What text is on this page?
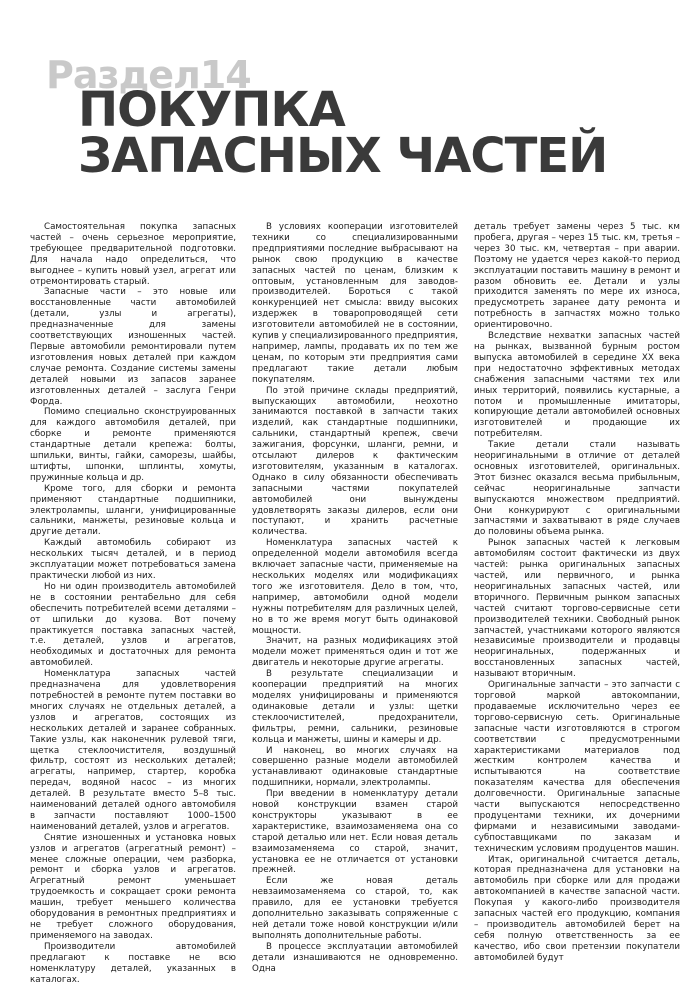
Раздел14
ПОКУПКА
ЗАПАСНЫХ ЧАСТЕЙ

Самостоятельная покупка запасных частей – очень серьезное мероприятие, требующее предварительной подготовки. Для начала надо определиться, что выгоднее – купить новый узел, агрегат или отремонтировать старый.

Запасные части – это новые или восстановленные части автомобилей (детали, узлы и агрегаты), предназначенные для замены соответствующих изношенных частей. Первые автомобили ремонтировали путем изготовления новых деталей при каждом случае ремонта. Создание системы замены деталей новыми из запасов заранее изготовленных деталей – заслуга Генри Форда.

Помимо специально сконструированных для каждого автомобиля деталей, при сборке и ремонте применяются стандартные детали крепежа: болты, шпильки, винты, гайки, саморезы, шайбы, штифты, шпонки, шплинты, хомуты, пружинные кольца и др.

Кроме того, для сборки и ремонта применяют стандартные подшипники, электролампы, шланги, унифицированные сальники, манжеты, резиновые кольца и другие детали.

Каждый автомобиль собирают из нескольких тысяч деталей, и в период эксплуатации может потребоваться замена практически любой из них.

Но ни один производитель автомобилей не в состоянии рентабельно для себя обеспечить потребителей всеми деталями – от шпильки до кузова. Вот почему практикуется поставка запасных частей, т.е. деталей, узлов и агрегатов, необходимых и достаточных для ремонта автомобилей.

Номенклатура запасных частей предназначена для удовлетворения потребностей в ремонте путем поставки во многих случаях не отдельных деталей, а узлов и агрегатов, состоящих из нескольких деталей и заранее собранных. Такие узлы, как наконечник рулевой тяги, щетка стеклоочистителя, воздушный фильтр, состоят из нескольких деталей; агрегаты, например, стартер, коробка передач, водяной насос – из многих деталей. В результате вместо 5–8 тыс. наименований деталей одного автомобиля в запчасти поставляют 1000–1500 наименований деталей, узлов и агрегатов.

Снятие изношенных и установка новых узлов и агрегатов (агрегатный ремонт) – менее сложные операции, чем разборка, ремонт и сборка узлов и агрегатов. Агрегатный ремонт уменьшает трудоемкость и сокращает сроки ремонта машин, требует меньшего количества оборудования в ремонтных предприятиях и не требует сложного оборудования, применяемого на заводах.

Производители автомобилей предлагают к поставке не всю номенклатуру деталей, указанных в каталогах.

В условиях кооперации изготовителей техники со специализированными предприятиями последние выбрасывают на рынок свою продукцию в качестве запасных частей по ценам, близким к оптовым, установленным для заводов-производителей. Бороться с такой конкуренцией нет смысла: ввиду высоких издержек в товаропроводящей сети изготовители автомобилей не в состоянии, купив у специализированного предприятия, например, лампы, продавать их по тем же ценам, по которым эти предприятия сами предлагают такие детали любым покупателям.

По этой причине склады предприятий, выпускающих автомобили, неохотно занимаются поставкой в запчасти таких изделий, как стандартные подшипники, сальники, стандартный крепеж, свечи зажигания, форсунки, шланги, ремни, и отсылают дилеров к фактическим изготовителям, указанным в каталогах. Однако в силу обязанности обеспечивать запасными частями покупателей автомобилей они вынуждены удовлетворять заказы дилеров, если они поступают, и хранить расчетные количества.

Номенклатура запасных частей к определенной модели автомобиля всегда включает запасные части, применяемые на нескольких моделях или модификациях того же изготовителя. Дело в том, что, например, автомобили одной модели нужны потребителям для различных целей, но в то же время могут быть одинаковой мощности.

Значит, на разных модификациях этой модели может применяться один и тот же двигатель и некоторые другие агрегаты.

В результате специализации и кооперации предприятий на многих моделях унифицированы и применяются одинаковые детали и узлы: щетки стеклоочистителей, предохранители, фильтры, ремни, сальники, резиновые кольца и манжеты, шины и камеры и др.

И наконец, во многих случаях на совершенно разные модели автомобилей устанавливают одинаковые стандартные подшипники, нормали, электролампы.

При введении в номенклатуру детали новой конструкции взамен старой конструкторы указывают в ее характеристике, взаимозаменяема она со старой деталью или нет. Если новая деталь взаимозаменяема со старой, значит, установка ее не отличается от установки прежней.

Если же новая деталь невзаимозаменяема со старой, то, как правило, для ее установки требуется дополнительно заказывать сопряженные с ней детали тоже новой конструкции и/или выполнять дополнительные работы.

В процессе эксплуатации автомобилей детали изнашиваются не одновременно. Одна

деталь требует замены через 5 тыс. км пробега, другая – через 15 тыс. км, третья – через 30 тыс. км, четвертая – при аварии. Поэтому не удается через какой-то период эксплуатации поставить машину в ремонт и разом обновить ее. Детали и узлы приходится заменять по мере их износа, предусмотреть заранее дату ремонта и потребность в запчастях можно только ориентировочно.

Вследствие нехватки запасных частей на рынках, вызванной бурным ростом выпуска автомобилей в середине XX века при недостаточно эффективных методах снабжения запасными частями тех или иных территорий, появились кустарные, а потом и промышленные имитаторы, копирующие детали автомобилей основных изготовителей и продающие их потребителям.

Такие детали стали называть неоригинальными в отличие от деталей основных изготовителей, оригинальных. Этот бизнес оказался весьма прибыльным, сейчас неоригинальные запчасти выпускаются множеством предприятий. Они конкурируют с оригинальными запчастями и захватывают в ряде случаев до половины объема рынка.

Рынок запасных частей к легковым автомобилям состоит фактически из двух частей: рынка оригинальных запасных частей, или первичного, и рынка неоригинальных запасных частей, или вторичного. Первичным рынком запасных частей считают торгово-сервисные сети производителей техники. Свободный рынок запчастей, участниками которого являются независимые производители и продавцы неоригинальных, подержанных и восстановленных запасных частей, называют вторичным.

Оригинальные запчасти – это запчасти с торговой маркой автокомпании, продаваемые исключительно через ее торгово-сервисную сеть. Оригинальные запасные части изготовляются в строгом соответствии с предусмотренными характеристиками материалов под жестким контролем качества и испытываются на соответствие показателям качества для обеспечения долговечности. Оригинальные запасные части выпускаются непосредственно продуцентами техники, их дочерними фирмами и независимыми заводами-субпоставщиками по заказам и техническим условиям продуцентов машин.

Итак, оригинальной считается деталь, которая предназначена для установки на автомобиль при сборке или для продажи автокомпанией в качестве запасной части. Покупая у какого-либо производителя запасных частей его продукцию, компания – производитель автомобилей берет на себя полную ответственность за ее качество, ибо свои претензии покупатели автомобилей будут
